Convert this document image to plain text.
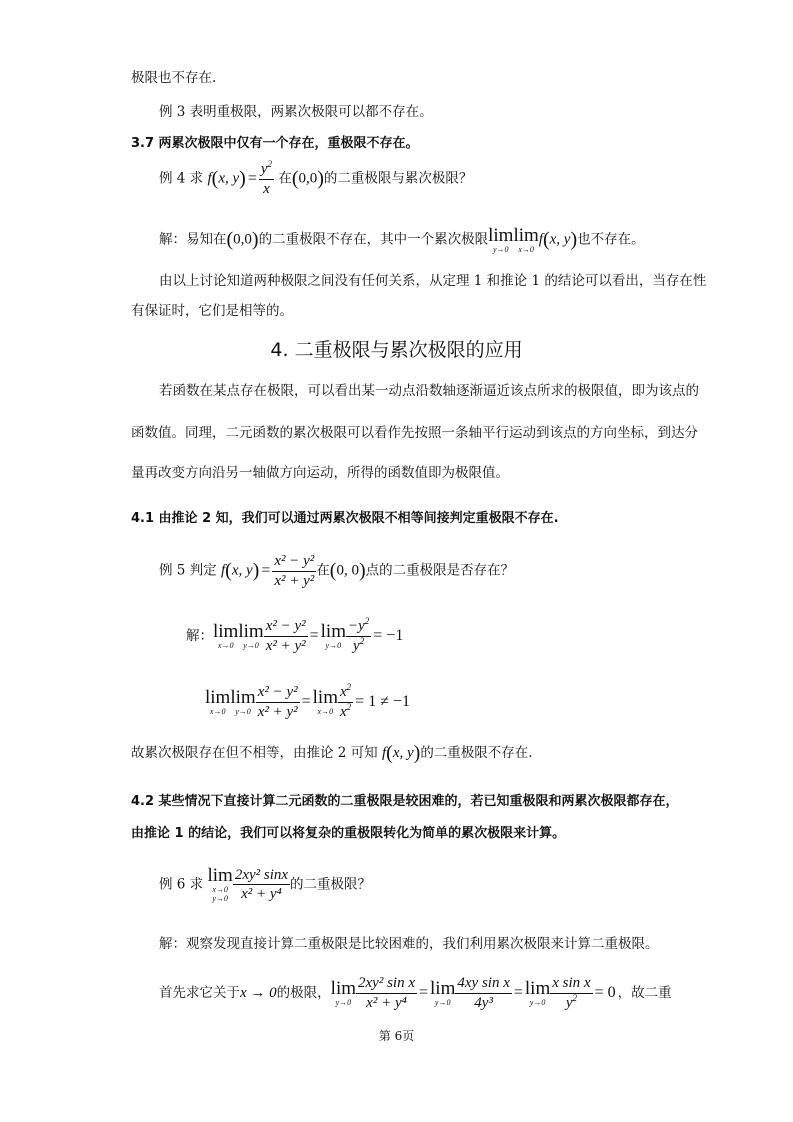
极限也不存在.
例 3 表明重极限，两累次极限可以都不存在。
3.7 两累次极限中仅有一个存在，重极限不存在。
例 4 求 f(x, $y) = \frac{y^2}{x}$ 在(0,0)的二重极限与累次极限？
解：易知在(0,0)的二重极限不存在，其中一个累次极限lim
y→0
lim
x→0
f(x, y)也不存在。
由以上讨论知道两种极限之间没有任何关系，从定理 1 和推论 1 的结论可以看出，当存在性
有保证时，它们是相等的。
4. 二重极限与累次极限的应用
若函数在某点存在极限，可以看出某一动点沿数轴逐渐逼近该点所求的极限值，即为该点的
函数值。同理，二元函数的累次极限可以看作先按照一条轴平行运动到该点的方向坐标，到达分
量再改变方向沿另一轴做方向运动，所得的函数值即为极限值。
4.1 由推论 2 知，我们可以通过两累次极限不相等间接判定重极限不存在.
例 5 判定 f(x, $y) = \frac{\text{x² − y²}}{\text{x² + y²}}$ 在(0, 0)点的二重极限是否存在？
解：lim
x→0
lim
$y\to 0 \frac{\text{x² − y²}}{\text{x² + y²}} = \lim$
$y\to 0 \frac{-y^2}{y^2} = -1$
lim
x→0
lim
$y\to 0 \frac{\text{x² − y²}}{\text{x² + y²}} = \lim$
$x\to 0 \frac{x^2}{x^2} = 1 \ne -1$
故累次极限存在但不相等，由推论 2 可知 f(x, y)的二重极限不存在.
4.2 某些情况下直接计算二元函数的二重极限是较困难的，若已知重极限和两累次极限都存在，
由推论 1 的结论，我们可以将复杂的重极限转化为简单的累次极限来计算。
例 6 求 lim
x→0
$y\to 0 \frac{\text{2xy² sinx}}{\text{x² + y⁴}}$ 的二重极限？
解：观察发现直接计算二重极限是比较困难的，我们利用累次极限来计算二重极限。
首先求它关于x → 0的极限，lim
$y\to 0 \frac{\text{2xy² sin x}}{\text{x² + y⁴}} = \lim$
$y\to 0 \frac{\text{4xy sin x}}{\text{4y³}} = \lim$
$y\to 0 \frac{\text{x sin x}}{y^2} = 0$ ，故二重
第 6页
